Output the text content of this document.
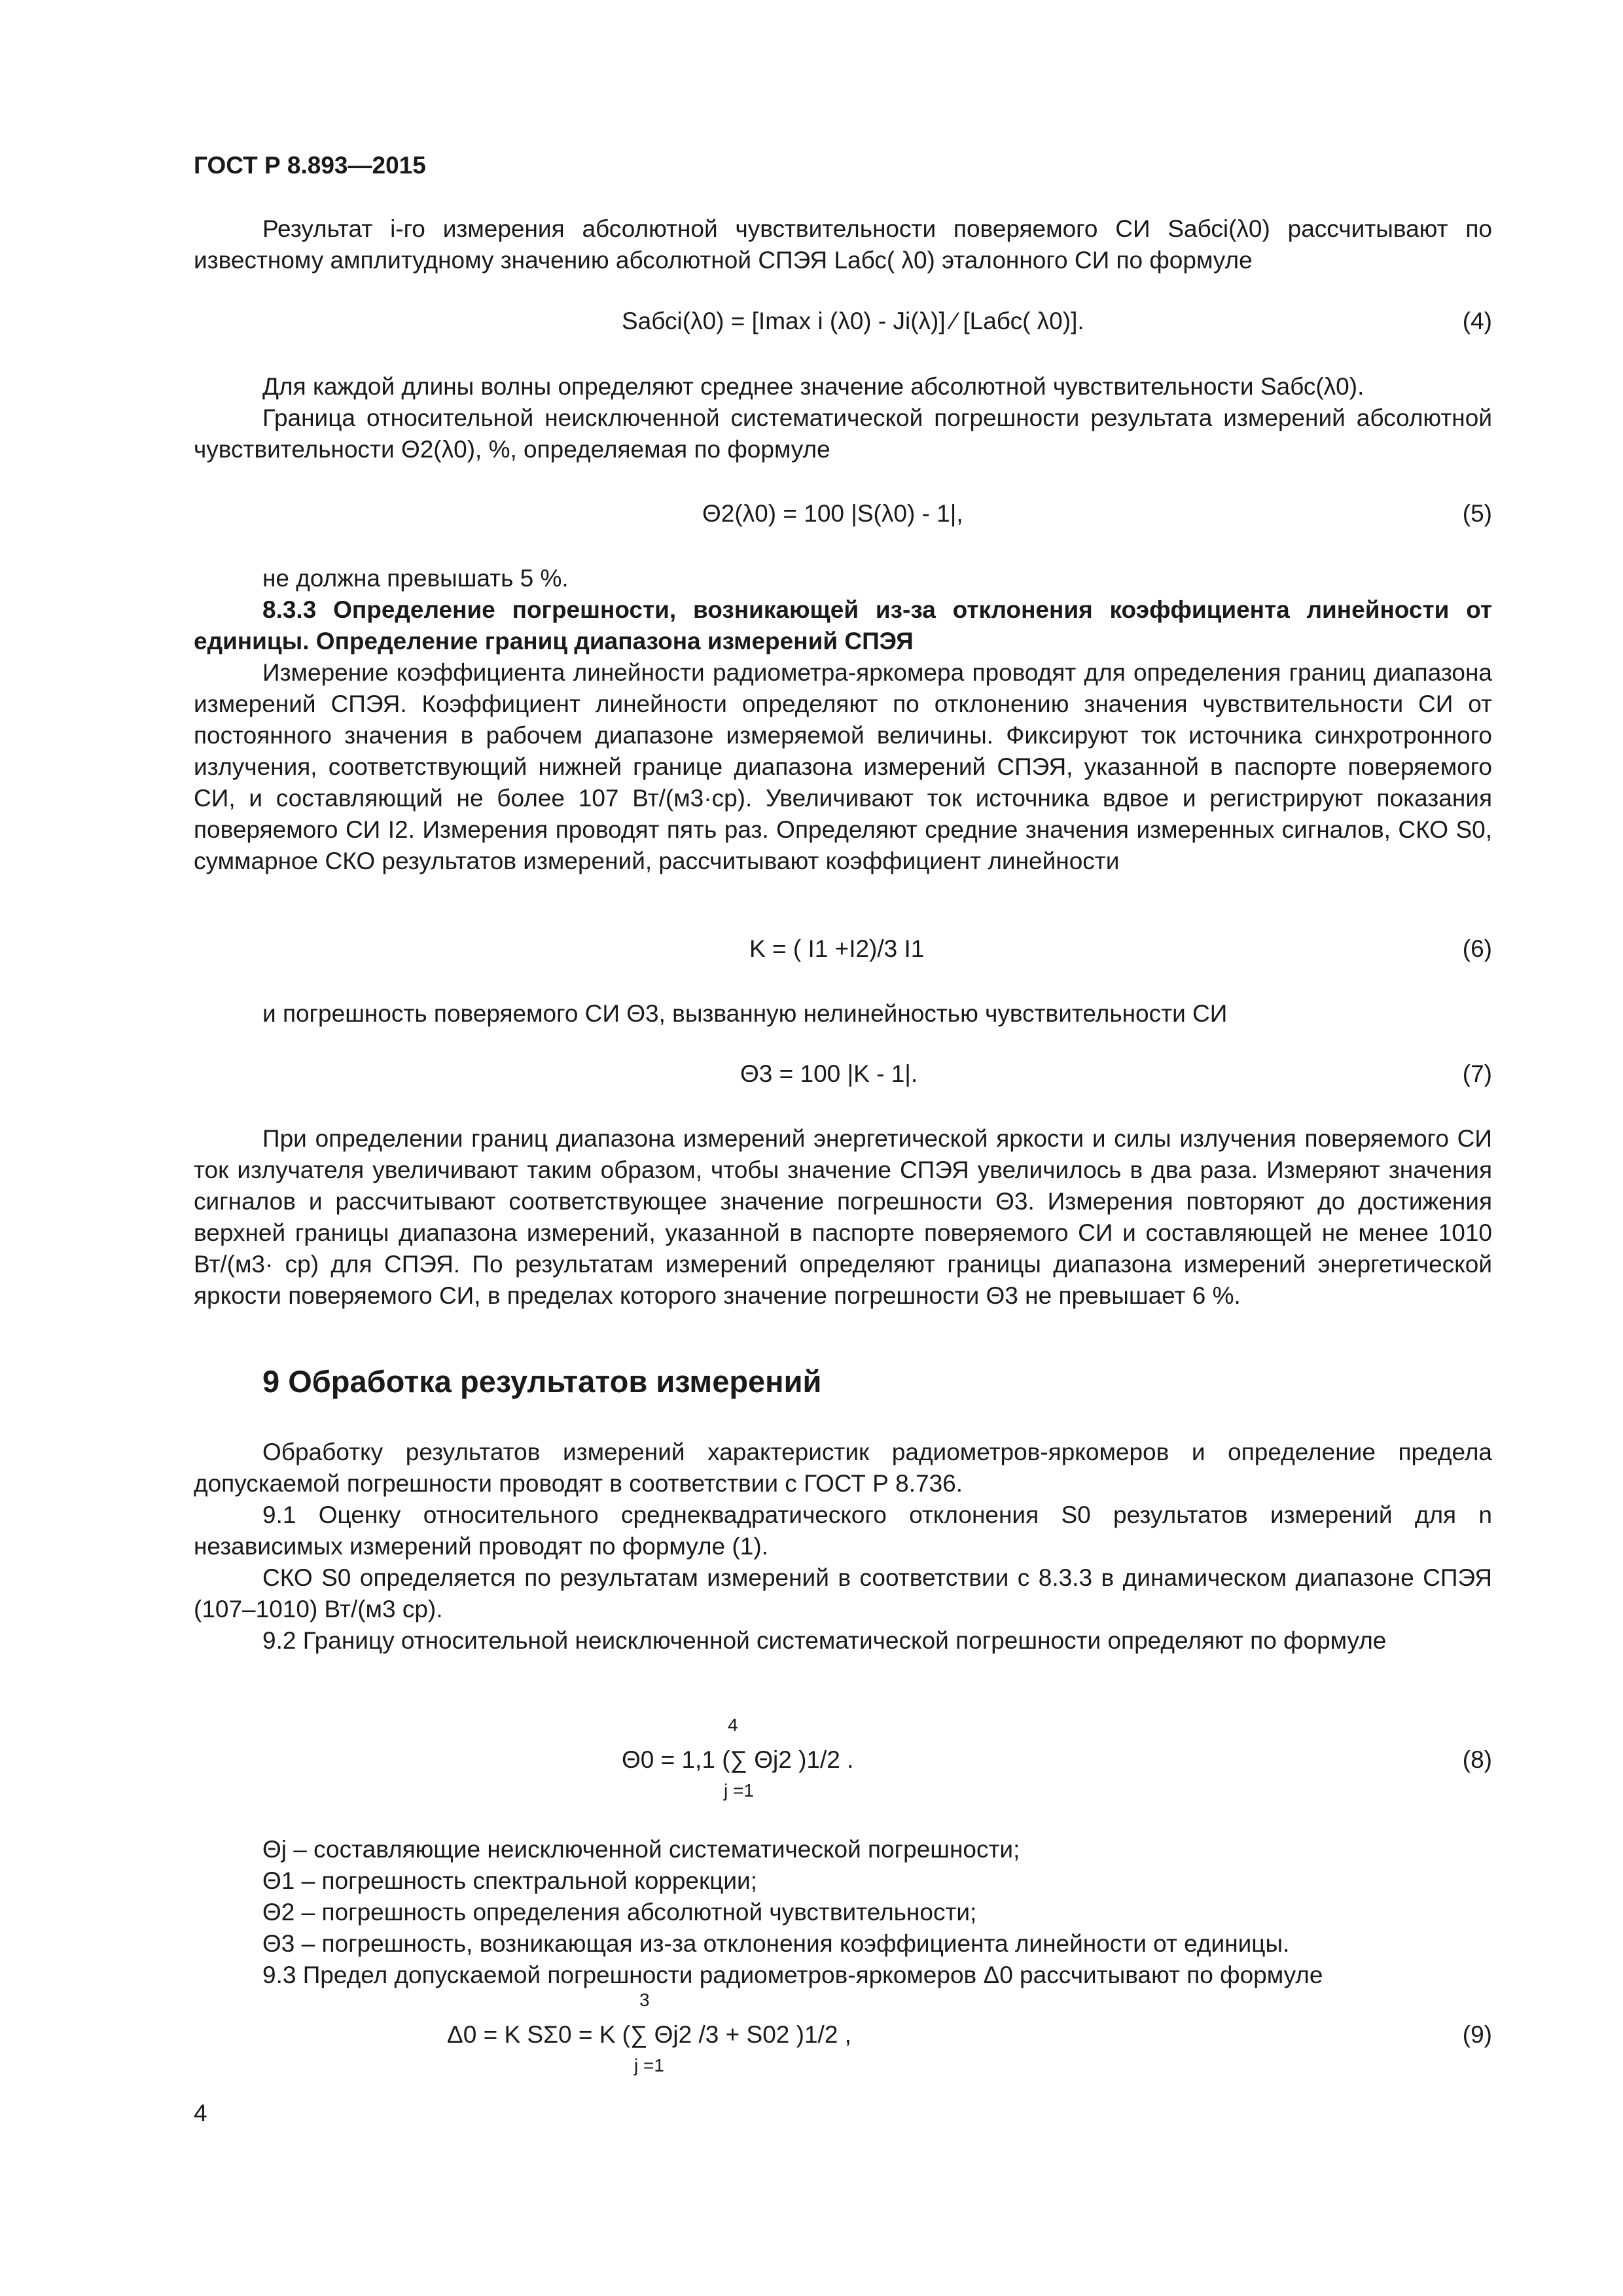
ГОСТ Р 8.893—2015

Результат i-го измерения абсолютной чувствительности поверяемого СИ Sабсi(λ0) рассчитывают по известному амплитудному значению абсолютной СПЭЯ Lабс( λ0) эталонного СИ по формуле

Sабсi(λ0) = [Imax i (λ0) - Ji(λ)] ⁄ [Lабс( λ0)].	(4)

Для каждой длины волны определяют среднее значение абсолютной чувствительности Sабс(λ0).

Граница относительной неисключенной систематической погрешности результата измерений абсолютной чувствительности Θ2(λ0), %, определяемая по формуле

Θ2(λ0) = 100 |S(λ0) - 1|,	(5)

не должна превышать 5 %.

8.3.3 Определение погрешности, возникающей из-за отклонения коэффициента линейности от единицы. Определение границ диапазона измерений СПЭЯ

Измерение коэффициента линейности радиометра-яркомера проводят для определения границ диапазона измерений СПЭЯ. Коэффициент линейности определяют по отклонению значения чувствительности СИ от постоянного значения в рабочем диапазоне измеряемой величины. Фиксируют ток источника синхротронного излучения, соответствующий нижней границе диапазона измерений СПЭЯ, указанной в паспорте поверяемого СИ, и составляющий не более 107 Вт/(м3·ср). Увеличивают ток источника вдвое и регистрируют показания поверяемого СИ I2. Измерения проводят пять раз. Определяют средние значения измеренных сигналов, СКО S0, суммарное СКО результатов измерений, рассчитывают коэффициент линейности

K = ( I1 +I2)/3 I1	(6)

и погрешность поверяемого СИ Θ3, вызванную нелинейностью чувствительности СИ

Θ3 = 100 |K - 1|.	(7)

При определении границ диапазона измерений энергетической яркости и силы излучения поверяемого СИ ток излучателя увеличивают таким образом, чтобы значение СПЭЯ увеличилось в два раза. Измеряют значения сигналов и рассчитывают соответствующее значение погрешности Θ3. Измерения повторяют до достижения верхней границы диапазона измерений, указанной в паспорте поверяемого СИ и составляющей не менее 1010 Вт/(м3· ср) для СПЭЯ. По результатам измерений определяют границы диапазона измерений энергетической яркости поверяемого СИ, в пределах которого значение погрешности Θ3 не превышает 6 %.

9 Обработка результатов измерений

Обработку результатов измерений характеристик радиометров-яркомеров и определение предела допускаемой погрешности проводят в соответствии с ГОСТ Р 8.736.

9.1 Оценку относительного среднеквадратического отклонения S0 результатов измерений для n независимых измерений проводят по формуле (1).

СКО S0 определяется по результатам измерений в соответствии с 8.3.3 в динамическом диапазоне СПЭЯ (107–1010) Вт/(м3 ср).

9.2 Границу относительной неисключенной систематической погрешности определяют по формуле

4
Θ0 = 1,1 (∑ Θj2 )1/2 .
j =1
(8)

Θj – составляющие неисключенной систематической погрешности;

Θ1 – погрешность спектральной коррекции;

Θ2 – погрешность определения абсолютной чувствительности;

Θ3 – погрешность, возникающая из-за отклонения коэффициента линейности от единицы.

9.3 Предел допускаемой погрешности радиометров-яркомеров Δ0 рассчитывают по формуле

3
Δ0 = K SΣ0 = K (∑ Θj2 /3 + S02 )1/2 ,
j =1
(9)
4
